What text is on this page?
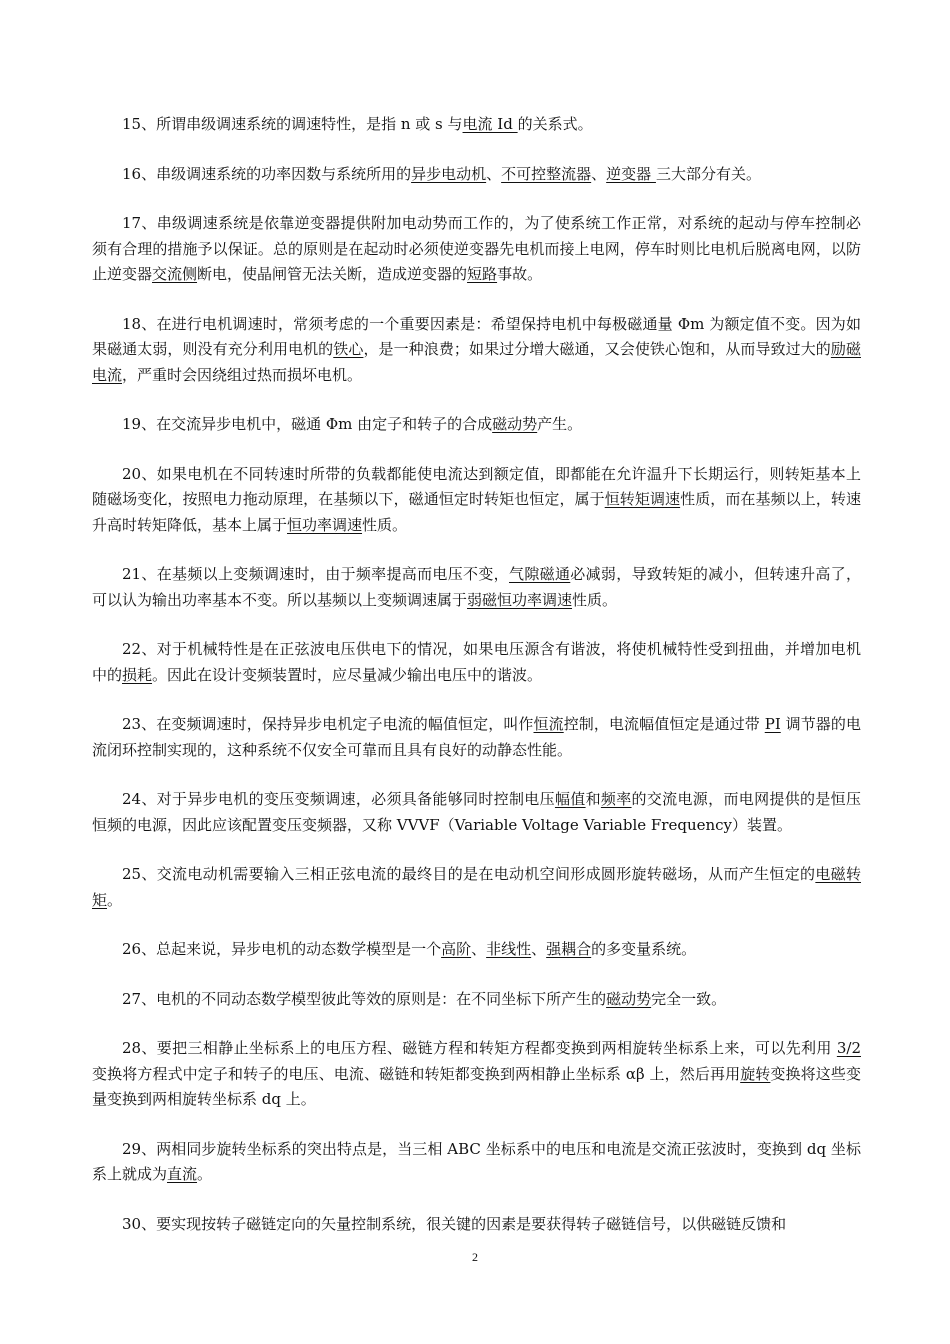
15、所谓串级调速系统的调速特性，是指 n 或 s 与电流 Id 的关系式。

16、串级调速系统的功率因数与系统所用的异步电动机、不可控整流器、逆变器 三大部分有关。

17、串级调速系统是依靠逆变器提供附加电动势而工作的，为了使系统工作正常，对系统的起动与停车控制必须有合理的措施予以保证。总的原则是在起动时必须使逆变器先电机而接上电网，停车时则比电机后脱离电网，以防止逆变器交流侧断电，使晶闸管无法关断，造成逆变器的短路事故。

18、在进行电机调速时，常须考虑的一个重要因素是：希望保持电机中每极磁通量 Φm 为额定值不变。因为如果磁通太弱，则没有充分利用电机的铁心，是一种浪费；如果过分增大磁通，又会使铁心饱和，从而导致过大的励磁电流，严重时会因绕组过热而损坏电机。

19、在交流异步电机中，磁通 Φm 由定子和转子的合成磁动势产生。

20、如果电机在不同转速时所带的负载都能使电流达到额定值，即都能在允许温升下长期运行，则转矩基本上随磁场变化，按照电力拖动原理，在基频以下，磁通恒定时转矩也恒定，属于恒转矩调速性质，而在基频以上，转速升高时转矩降低，基本上属于恒功率调速性质。

21、在基频以上变频调速时，由于频率提高而电压不变，气隙磁通必减弱，导致转矩的减小，但转速升高了，可以认为输出功率基本不变。所以基频以上变频调速属于弱磁恒功率调速性质。

22、对于机械特性是在正弦波电压供电下的情况，如果电压源含有谐波，将使机械特性受到扭曲，并增加电机中的损耗。因此在设计变频装置时，应尽量减少输出电压中的谐波。

23、在变频调速时，保持异步电机定子电流的幅值恒定，叫作恒流控制，电流幅值恒定是通过带 PI 调节器的电流闭环控制实现的，这种系统不仅安全可靠而且具有良好的动静态性能。

24、对于异步电机的变压变频调速，必须具备能够同时控制电压幅值和频率的交流电源，而电网提供的是恒压恒频的电源，因此应该配置变压变频器，又称 VVVF（Variable Voltage Variable Frequency）装置。

25、交流电动机需要输入三相正弦电流的最终目的是在电动机空间形成圆形旋转磁场，从而产生恒定的电磁转矩。

26、总起来说，异步电机的动态数学模型是一个高阶、非线性、强耦合的多变量系统。

27、电机的不同动态数学模型彼此等效的原则是：在不同坐标下所产生的磁动势完全一致。

28、要把三相静止坐标系上的电压方程、磁链方程和转矩方程都变换到两相旋转坐标系上来，可以先利用 3/2 变换将方程式中定子和转子的电压、电流、磁链和转矩都变换到两相静止坐标系 αβ 上，然后再用旋转变换将这些变量变换到两相旋转坐标系 dq 上。

29、两相同步旋转坐标系的突出特点是，当三相 ABC 坐标系中的电压和电流是交流正弦波时，变换到 dq 坐标系上就成为直流。

30、要实现按转子磁链定向的矢量控制系统，很关键的因素是要获得转子磁链信号，以供磁链反馈和

2
